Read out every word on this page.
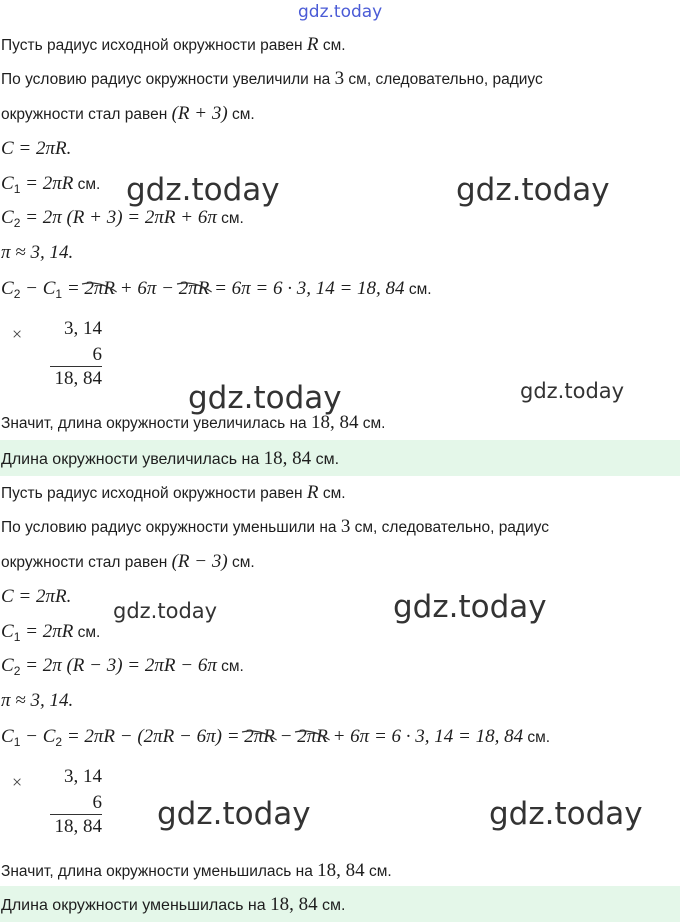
gdz.today
gdz.today	gdz.today
gdz.today	gdz.today
gdz.today	gdz.today
gdz.today	gdz.today
Пусть радиус исходной окружности равен R см.
По условию радиус окружности увеличили на 3 см, следовательно, радиус
окружности стал равен (R + 3) см.
C = 2πR.
$C_1 = 2\pi R$ см.
$C_2 = 2\pi$ (R + 3) = 2πR + 6π см.
π ≈ 3, 14.
$C_2 - C_1 = 2\pi R$
+ 6π − 2πR
= 6π = 6 · 3, 14 = 18, 84 см.
× 3, 14
6
18, 84
Значит, длина окружности увеличилась на 18, 84 см.
Длина окружности увеличилась на 18, 84 см.
Пусть радиус исходной окружности равен R см.
По условию радиус окружности уменьшили на 3 см, следовательно, радиус
окружности стал равен (R − 3) см.
C = 2πR.
$C_1 = 2\pi R$ см.
$C_2 = 2\pi$ (R − 3) = 2πR − 6π см.
π ≈ 3, 14.
$C_1 - C_2 = 2\pi R - (2\pi R - 6\pi) = 2\pi R$
− 2πR
+ 6π = 6 · 3, 14 = 18, 84 см.
× 3, 14
6
18, 84
Значит, длина окружности уменьшилась на 18, 84 см.
Длина окружности уменьшилась на 18, 84 см.
